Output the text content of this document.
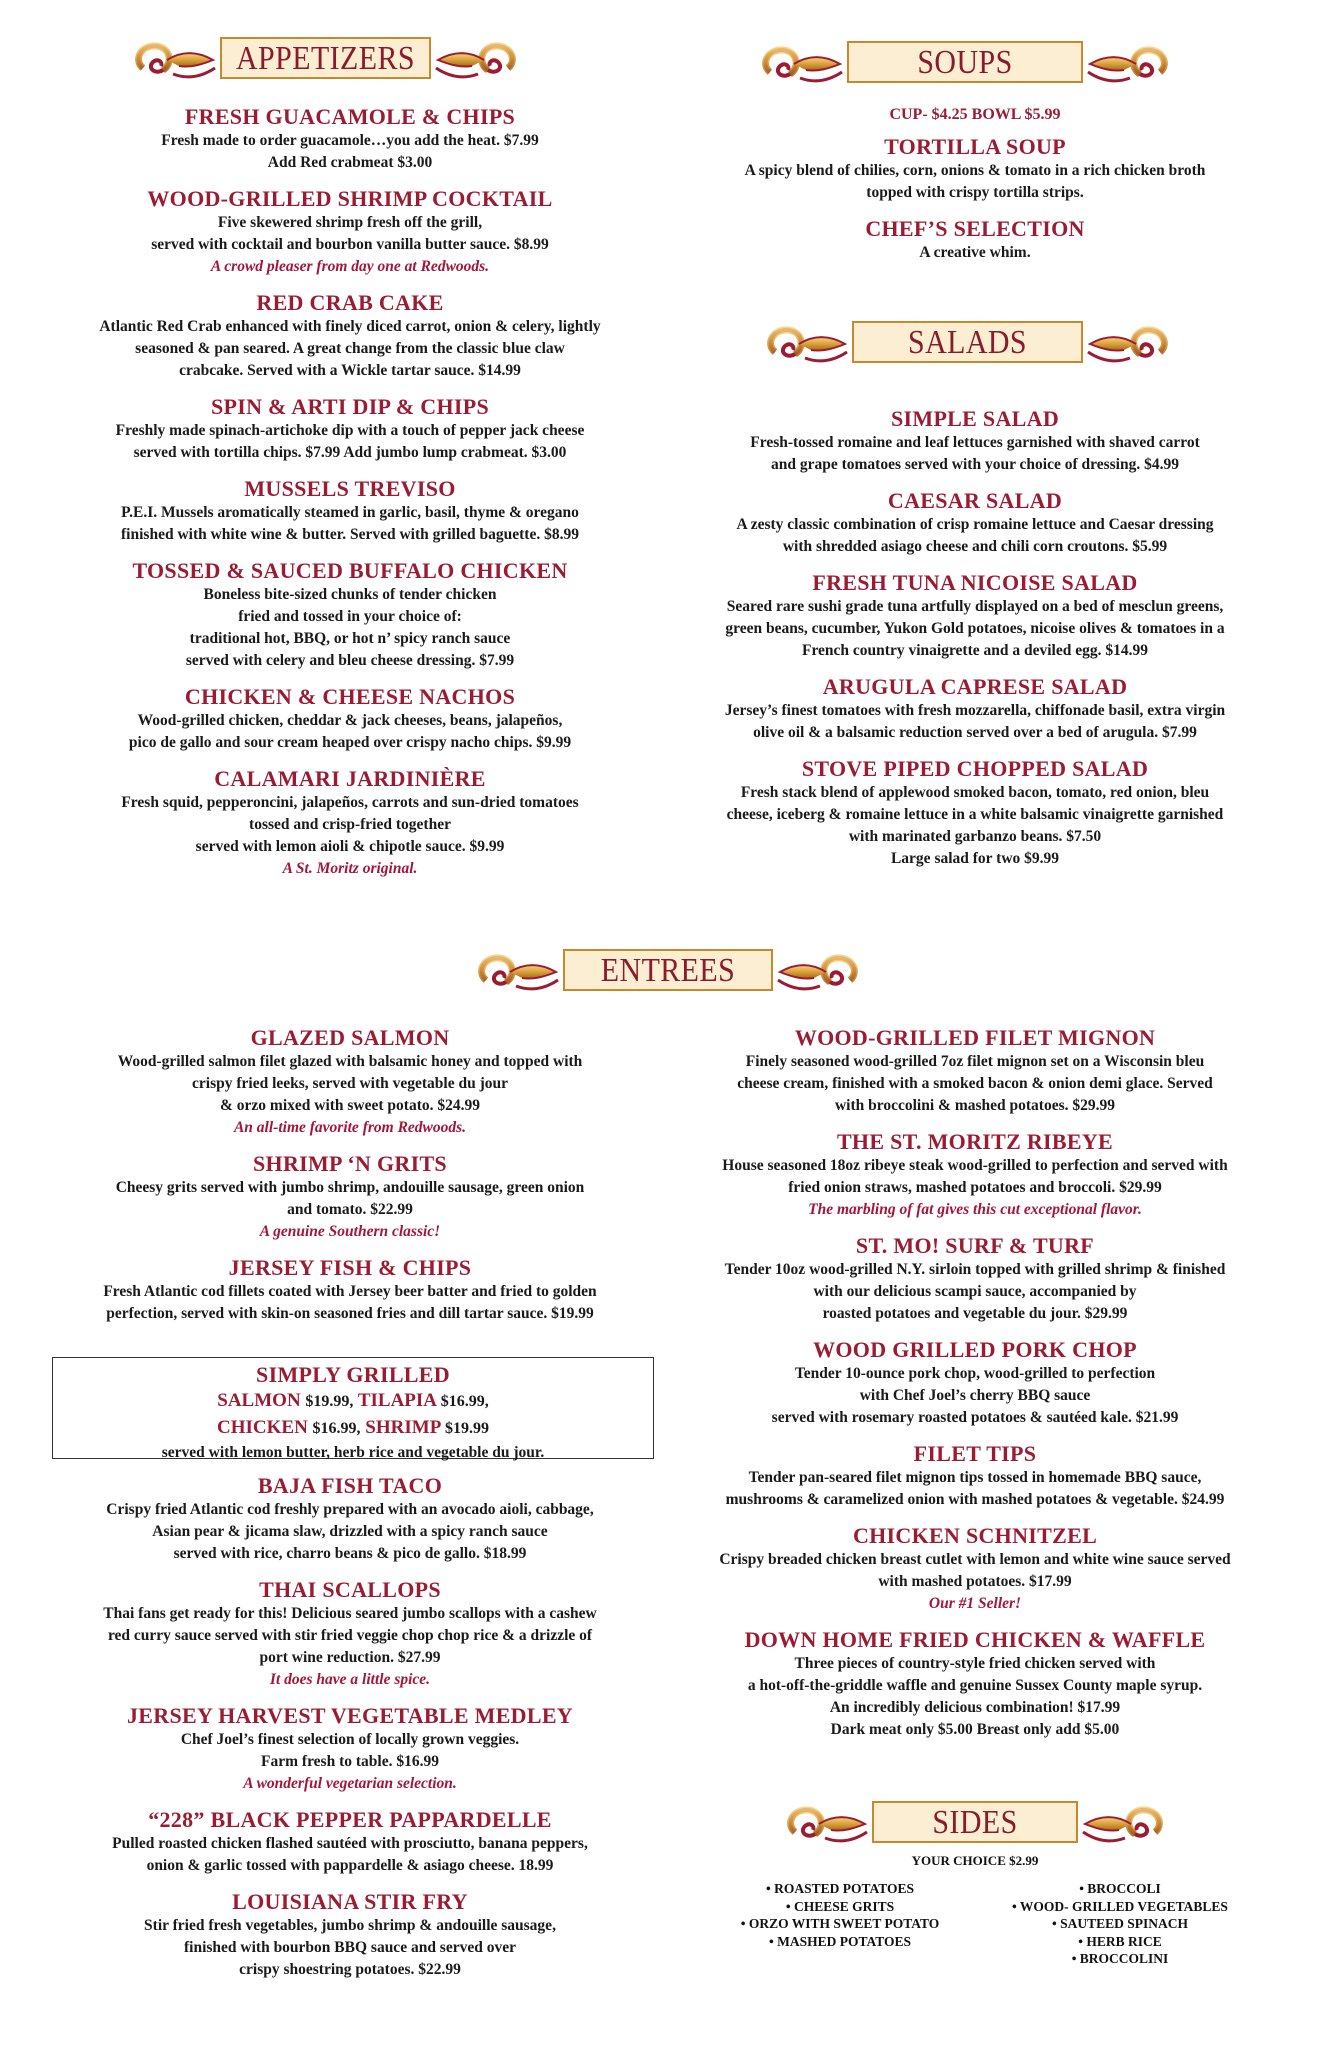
APPETIZERS	SOUPS
SALADS
ENTREES
SIDES
FRESH GUACAMOLE & CHIPS
Fresh made to order guacamole…you add the heat. $7.99
Add Red crabmeat $3.00
WOOD-GRILLED SHRIMP COCKTAIL
Five skewered shrimp fresh off the grill,
served with cocktail and bourbon vanilla butter sauce. $8.99
A crowd pleaser from day one at Redwoods.
RED CRAB CAKE
Atlantic Red Crab enhanced with finely diced carrot, onion & celery, lightly
seasoned & pan seared. A great change from the classic blue claw
crabcake. Served with a Wickle tartar sauce. $14.99
SPIN & ARTI DIP & CHIPS
Freshly made spinach-artichoke dip with a touch of pepper jack cheese
served with tortilla chips. $7.99 Add jumbo lump crabmeat. $3.00
MUSSELS TREVISO
P.E.I. Mussels aromatically steamed in garlic, basil, thyme & oregano
finished with white wine & butter. Served with grilled baguette. $8.99
TOSSED & SAUCED BUFFALO CHICKEN
Boneless bite-sized chunks of tender chicken
fried and tossed in your choice of:
traditional hot, BBQ, or hot n’ spicy ranch sauce
served with celery and bleu cheese dressing. $7.99
CHICKEN & CHEESE NACHOS
Wood-grilled chicken, cheddar & jack cheeses, beans, jalapeños,
pico de gallo and sour cream heaped over crispy nacho chips. $9.99
CALAMARI JARDINIÈRE
Fresh squid, pepperoncini, jalapeños, carrots and sun-dried tomatoes
tossed and crisp-fried together
served with lemon aioli & chipotle sauce. $9.99
A St. Moritz original.
CUP- $4.25 BOWL $5.99
TORTILLA SOUP
A spicy blend of chilies, corn, onions & tomato in a rich chicken broth
topped with crispy tortilla strips.
CHEF’S SELECTION
A creative whim.
SIMPLE SALAD
Fresh-tossed romaine and leaf lettuces garnished with shaved carrot
and grape tomatoes served with your choice of dressing. $4.99
CAESAR SALAD
A zesty classic combination of crisp romaine lettuce and Caesar dressing
with shredded asiago cheese and chili corn croutons. $5.99
FRESH TUNA NICOISE SALAD
Seared rare sushi grade tuna artfully displayed on a bed of mesclun greens,
green beans, cucumber, Yukon Gold potatoes, nicoise olives & tomatoes in a
French country vinaigrette and a deviled egg. $14.99
ARUGULA CAPRESE SALAD
Jersey’s finest tomatoes with fresh mozzarella, chiffonade basil, extra virgin
olive oil & a balsamic reduction served over a bed of arugula. $7.99
STOVE PIPED CHOPPED SALAD
Fresh stack blend of applewood smoked bacon, tomato, red onion, bleu
cheese, iceberg & romaine lettuce in a white balsamic vinaigrette garnished
with marinated garbanzo beans. $7.50
Large salad for two $9.99
GLAZED SALMON
Wood-grilled salmon filet glazed with balsamic honey and topped with
crispy fried leeks, served with vegetable du jour
& orzo mixed with sweet potato. $24.99
An all-time favorite from Redwoods.
SHRIMP ‘N GRITS
Cheesy grits served with jumbo shrimp, andouille sausage, green onion
and tomato. $22.99
A genuine Southern classic!
JERSEY FISH & CHIPS
Fresh Atlantic cod fillets coated with Jersey beer batter and fried to golden
perfection, served with skin-on seasoned fries and dill tartar sauce. $19.99
SIMPLY GRILLED
SALMON $19.99, TILAPIA $16.99,
CHICKEN $16.99, SHRIMP $19.99
served with lemon butter, herb rice and vegetable du jour.
BAJA FISH TACO
Crispy fried Atlantic cod freshly prepared with an avocado aioli, cabbage,
Asian pear & jicama slaw, drizzled with a spicy ranch sauce
served with rice, charro beans & pico de gallo. $18.99
THAI SCALLOPS
Thai fans get ready for this! Delicious seared jumbo scallops with a cashew
red curry sauce served with stir fried veggie chop chop rice & a drizzle of
port wine reduction. $27.99
It does have a little spice.
JERSEY HARVEST VEGETABLE MEDLEY
Chef Joel’s finest selection of locally grown veggies.
Farm fresh to table. $16.99
A wonderful vegetarian selection.
“228” BLACK PEPPER PAPPARDELLE
Pulled roasted chicken flashed sautéed with prosciutto, banana peppers,
onion & garlic tossed with pappardelle & asiago cheese. 18.99
LOUISIANA STIR FRY
Stir fried fresh vegetables, jumbo shrimp & andouille sausage,
finished with bourbon BBQ sauce and served over
crispy shoestring potatoes. $22.99
WOOD-GRILLED FILET MIGNON
Finely seasoned wood-grilled 7oz filet mignon set on a Wisconsin bleu
cheese cream, finished with a smoked bacon & onion demi glace. Served
with broccolini & mashed potatoes. $29.99
THE ST. MORITZ RIBEYE
House seasoned 18oz ribeye steak wood-grilled to perfection and served with
fried onion straws, mashed potatoes and broccoli. $29.99
The marbling of fat gives this cut exceptional flavor.
ST. MO! SURF & TURF
Tender 10oz wood-grilled N.Y. sirloin topped with grilled shrimp & finished
with our delicious scampi sauce, accompanied by
roasted potatoes and vegetable du jour. $29.99
WOOD GRILLED PORK CHOP
Tender 10-ounce pork chop, wood-grilled to perfection
with Chef Joel’s cherry BBQ sauce
served with rosemary roasted potatoes & sautéed kale. $21.99
FILET TIPS
Tender pan-seared filet mignon tips tossed in homemade BBQ sauce,
mushrooms & caramelized onion with mashed potatoes & vegetable. $24.99
CHICKEN SCHNITZEL
Crispy breaded chicken breast cutlet with lemon and white wine sauce served
with mashed potatoes. $17.99
Our #1 Seller!
DOWN HOME FRIED CHICKEN & WAFFLE
Three pieces of country-style fried chicken served with
a hot-off-the-griddle waffle and genuine Sussex County maple syrup.
An incredibly delicious combination! $17.99
Dark meat only $5.00 Breast only add $5.00
YOUR CHOICE $2.99
• ROASTED POTATOES
• CHEESE GRITS
• ORZO WITH SWEET POTATO
• MASHED POTATOES
• BROCCOLI
• WOOD- GRILLED VEGETABLES
• SAUTEED SPINACH
• HERB RICE
• BROCCOLINI
